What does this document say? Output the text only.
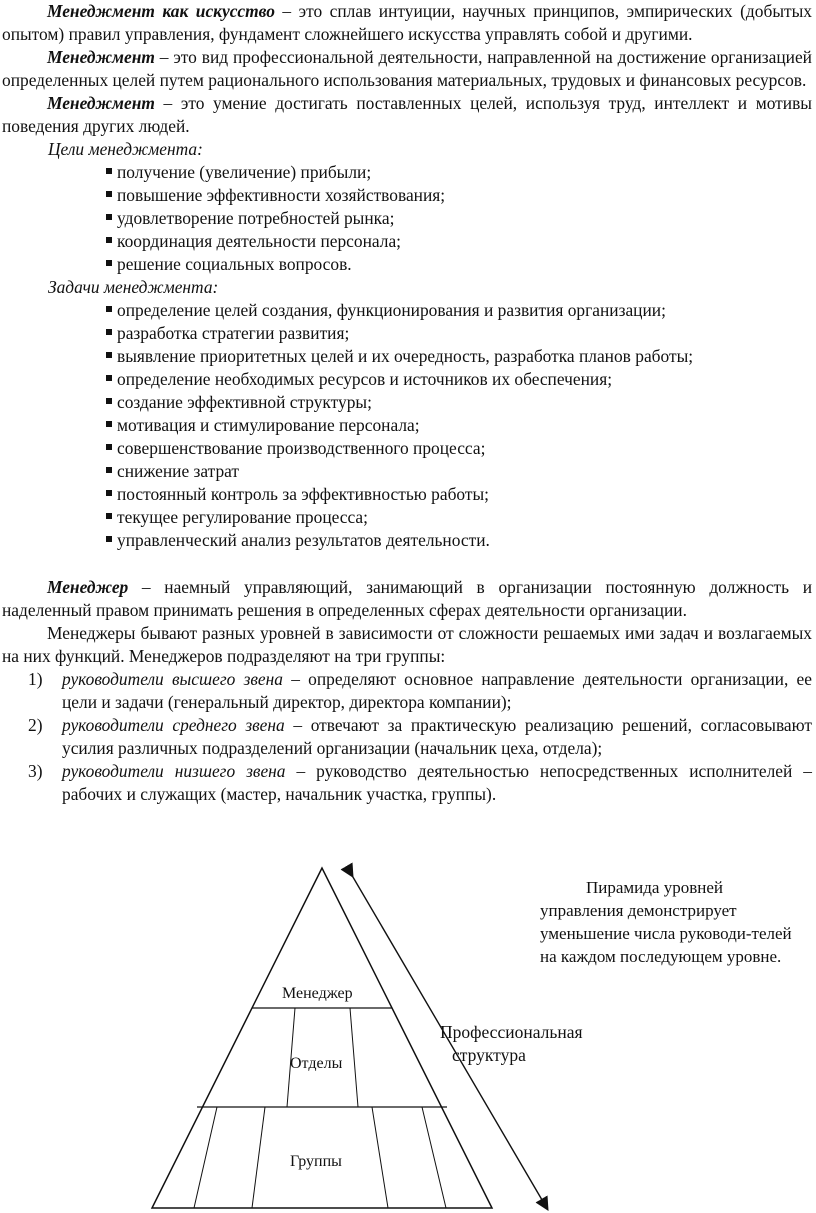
Менеджмент как искусство – это сплав интуиции, научных принципов, эмпирических (добытых опытом) правил управления, фундамент сложнейшего искусства управлять собой и другими.

Менеджмент – это вид профессиональной деятельности, направленной на достижение организацией определенных целей путем рационального использования материальных, трудовых и финансовых ресурсов.

Менеджмент – это умение достигать поставленных целей, используя труд, интеллект и мотивы поведения других людей.

Цели менеджмента:
получение (увеличение) прибыли;
повышение эффективности хозяйствования;
удовлетворение потребностей рынка;
координация деятельности персонала;
решение социальных вопросов.
Задачи менеджмента:
определение целей создания, функционирования и развития организации;
разработка стратегии развития;
выявление приоритетных целей и их очередность, разработка планов работы;
определение необходимых ресурсов и источников их обеспечения;
создание эффективной структуры;
мотивация и стимулирование персонала;
совершенствование производственного процесса;
снижение затрат
постоянный контроль за эффективностью работы;
текущее регулирование процесса;
управленческий анализ результатов деятельности.

Менеджер – наемный управляющий, занимающий в организации постоянную должность и наделенный правом принимать решения в определенных сферах деятельности организации.

Менеджеры бывают разных уровней в зависимости от сложности решаемых ими задач и возлагаемых на них функций. Менеджеров подразделяют на три группы:

1) руководители высшего звена – определяют основное направление деятельности организации, ее цели и задачи (генеральный директор, директора компании);
2) руководители среднего звена – отвечают за практическую реализацию решений, согласовывают усилия различных подразделений организации (начальник цеха, отдела);
3) руководители низшего звена – руководство деятельностью непосредственных исполнителей – рабочих и служащих (мастер, начальник участка, группы).
Менеджер
Отделы
Группы
Профессиональная
структура
Пирамида уровней
управления демонстрирует уменьшение числа руководи-телей на каждом последующем уровне.
